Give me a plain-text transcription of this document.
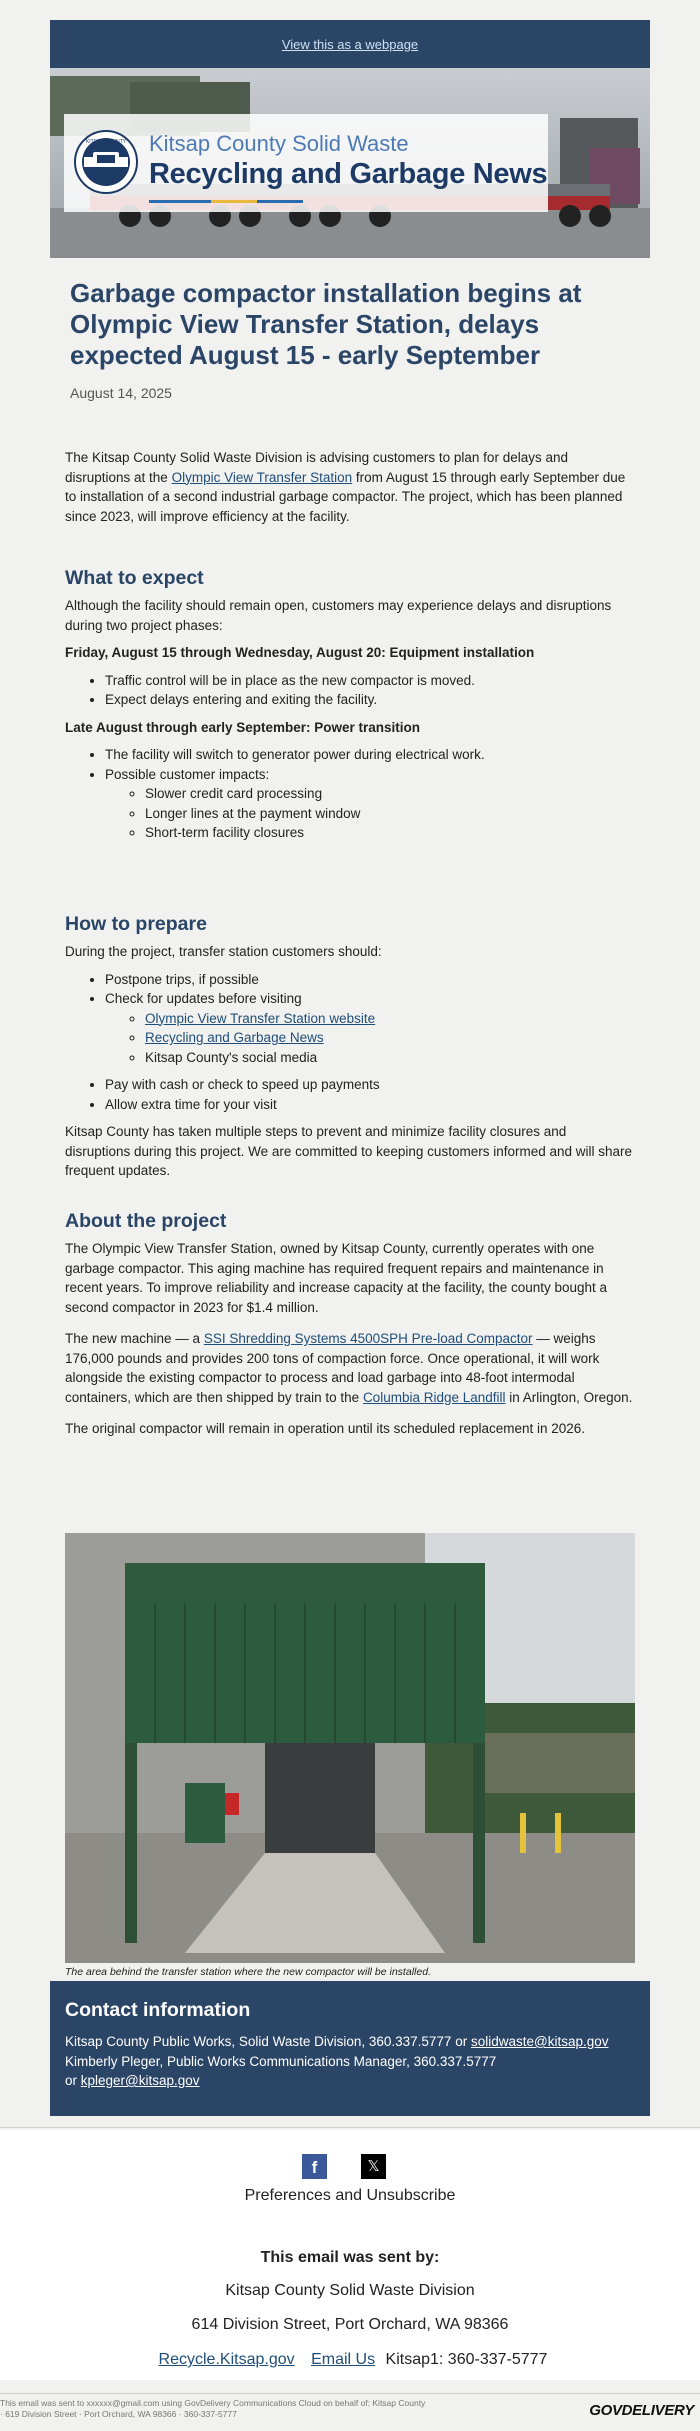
View this as a webpage
KITSAP COUNTY Kitsap County Solid Waste
Recycling and Garbage News
Garbage compactor installation begins at Olympic View Transfer Station, delays expected August 15 - early September
August 14, 2025

The Kitsap County Solid Waste Division is advising customers to plan for delays and disruptions at the Olympic View Transfer Station from August 15 through early September due to installation of a second industrial garbage compactor. The project, which has been planned since 2023, will improve efficiency at the facility.

What to expect

Although the facility should remain open, customers may experience delays and disruptions during two project phases:

Friday, August 15 through Wednesday, August 20: Equipment installation

• Traffic control will be in place as the new compactor is moved.
• Expect delays entering and exiting the facility.

Late August through early September: Power transition

• The facility will switch to generator power during electrical work.
• Possible customer impacts:
◦ Slower credit card processing
◦ Longer lines at the payment window
◦ Short-term facility closures
How to prepare

During the project, transfer station customers should:

• Postpone trips, if possible
• Check for updates before visiting
◦ Olympic View Transfer Station website
◦ Recycling and Garbage News
◦ Kitsap County's social media
• Pay with cash or check to speed up payments
• Allow extra time for your visit

Kitsap County has taken multiple steps to prevent and minimize facility closures and disruptions during this project. We are committed to keeping customers informed and will share frequent updates.

About the project

The Olympic View Transfer Station, owned by Kitsap County, currently operates with one garbage compactor. This aging machine has required frequent repairs and maintenance in recent years. To improve reliability and increase capacity at the facility, the county bought a second compactor in 2023 for $1.4 million.

The new machine — a SSI Shredding Systems 4500SPH Pre-load Compactor — weighs 176,000 pounds and provides 200 tons of compaction force. Once operational, it will work alongside the existing compactor to process and load garbage into 48-foot intermodal containers, which are then shipped by train to the Columbia Ridge Landfill in Arlington, Oregon.

The original compactor will remain in operation until its scheduled replacement in 2026.

The area behind the transfer station where the new compactor will be installed.
Contact information

Kitsap County Public Works, Solid Waste Division, 360.337.5777 or solidwaste@kitsap.gov

Kimberly Pleger, Public Works Communications Manager, 360.337.5777

or kpleger@kitsap.gov

f	𝕏
Preferences and Unsubscribe
This email was sent by:
Kitsap County Solid Waste Division
614 Division Street, Port Orchard, WA 98366
Recycle.Kitsap.gov Email Us Kitsap1: 360-337-5777
This email was sent to xxxxxx@gmail.com using GovDelivery Communications Cloud on behalf of: Kitsap County · 619 Division Street · Port Orchard, WA 98366 · 360-337-5777	GOVDELIVERY
